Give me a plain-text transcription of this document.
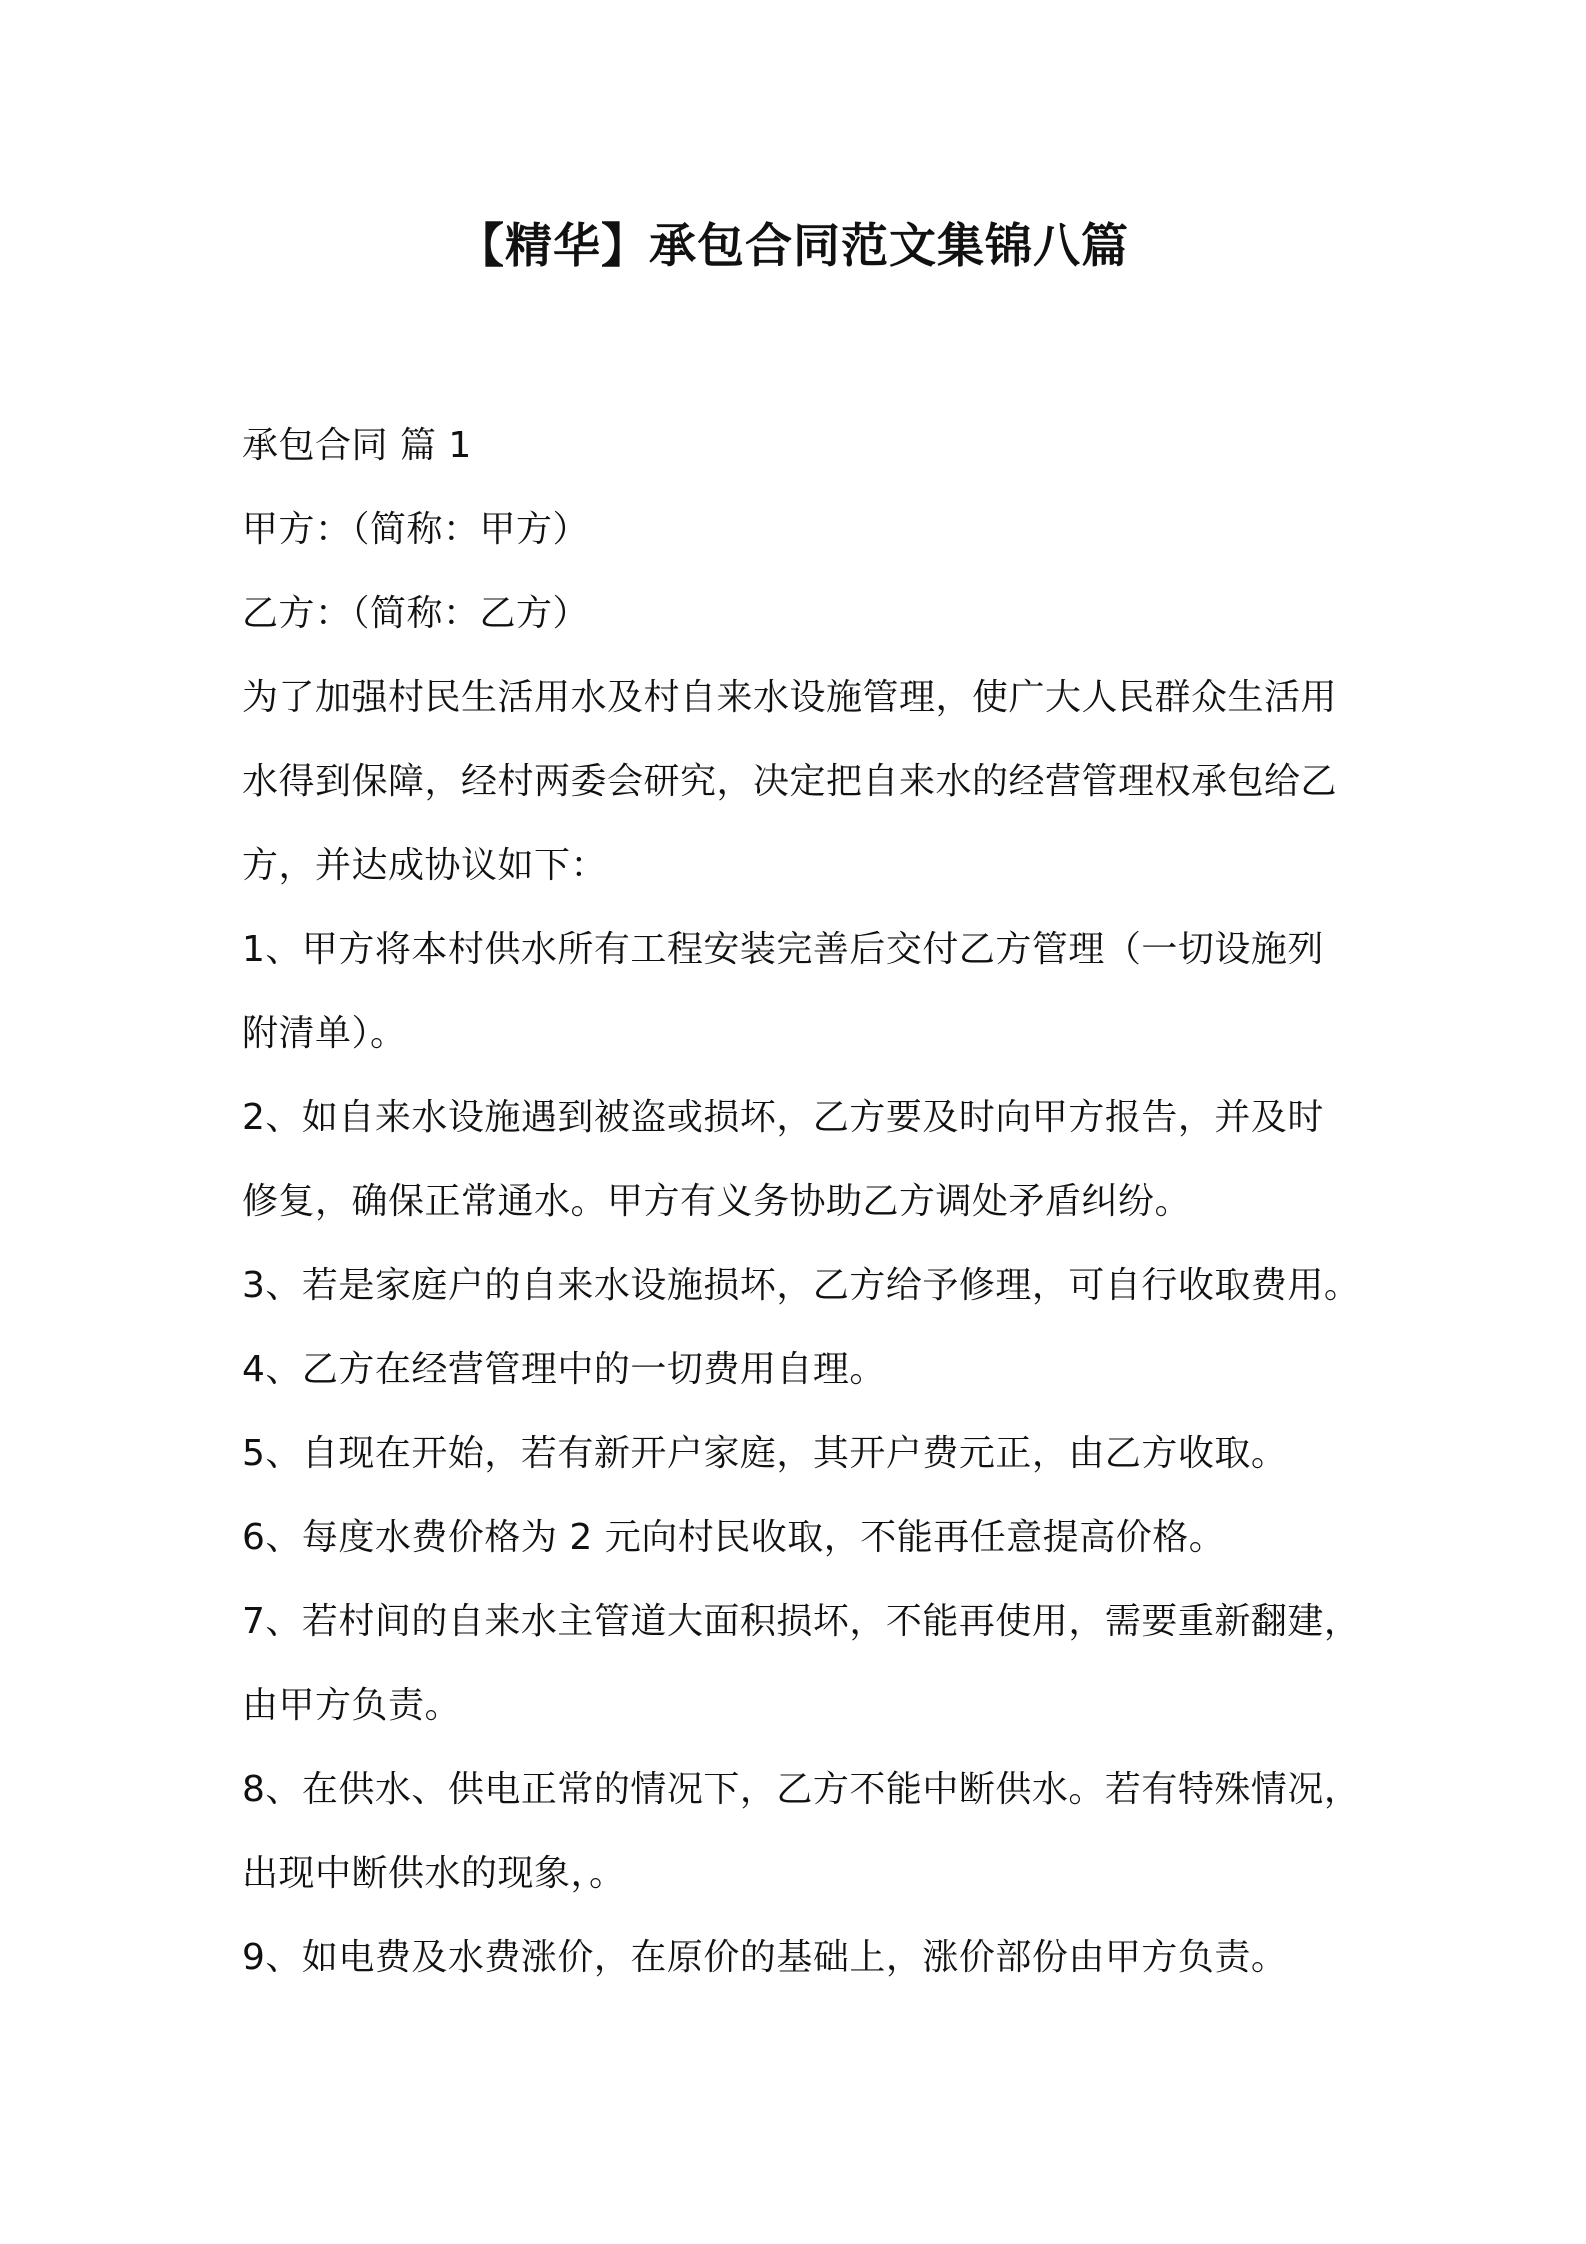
【精华】承包合同范文集锦八篇
承包合同 篇 1
甲方：（简称：甲方）
乙方：（简称：乙方）
为了加强村民生活用水及村自来水设施管理，使广大人民群众生活用
水得到保障，经村两委会研究，决定把自来水的经营管理权承包给乙
方，并达成协议如下：
1、甲方将本村供水所有工程安装完善后交付乙方管理（一切设施列
附清单）。
2、如自来水设施遇到被盗或损坏，乙方要及时向甲方报告，并及时
修复，确保正常通水。甲方有义务协助乙方调处矛盾纠纷。
3、若是家庭户的自来水设施损坏，乙方给予修理，可自行收取费用。
4、乙方在经营管理中的一切费用自理。
5、自现在开始，若有新开户家庭，其开户费元正，由乙方收取。
6、每度水费价格为 2 元向村民收取，不能再任意提高价格。
7、若村间的自来水主管道大面积损坏，不能再使用，需要重新翻建，
由甲方负责。
8、在供水、供电正常的情况下，乙方不能中断供水。若有特殊情况，
出现中断供水的现象，。
9、如电费及水费涨价，在原价的基础上，涨价部份由甲方负责。
